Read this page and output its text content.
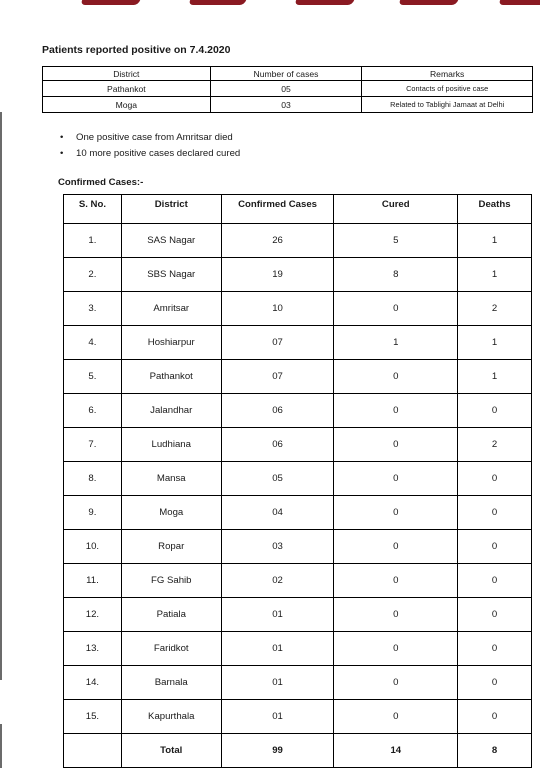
Patients reported positive on 7.4.2020
District	Number of cases	Remarks
Pathankot	05	Contacts of positive case
Moga	03	Related to Tablighi Jamaat at Delhi
• One positive case from Amritsar died
• 10 more positive cases declared cured
Confirmed Cases:-
S. No.	District	Confirmed Cases	Cured	Deaths
1.	SAS Nagar	26	5	1
2.	SBS Nagar	19	8	1
3.	Amritsar	10	0	2
4.	Hoshiarpur	07	1	1
5.	Pathankot	07	0	1
6.	Jalandhar	06	0	0
7.	Ludhiana	06	0	2
8.	Mansa	05	0	0
9.	Moga	04	0	0
10.	Ropar	03	0	0
11.	FG Sahib	02	0	0
12.	Patiala	01	0	0
13.	Faridkot	01	0	0
14.	Barnala	01	0	0
15.	Kapurthala	01	0	0
	Total	99	14	8
